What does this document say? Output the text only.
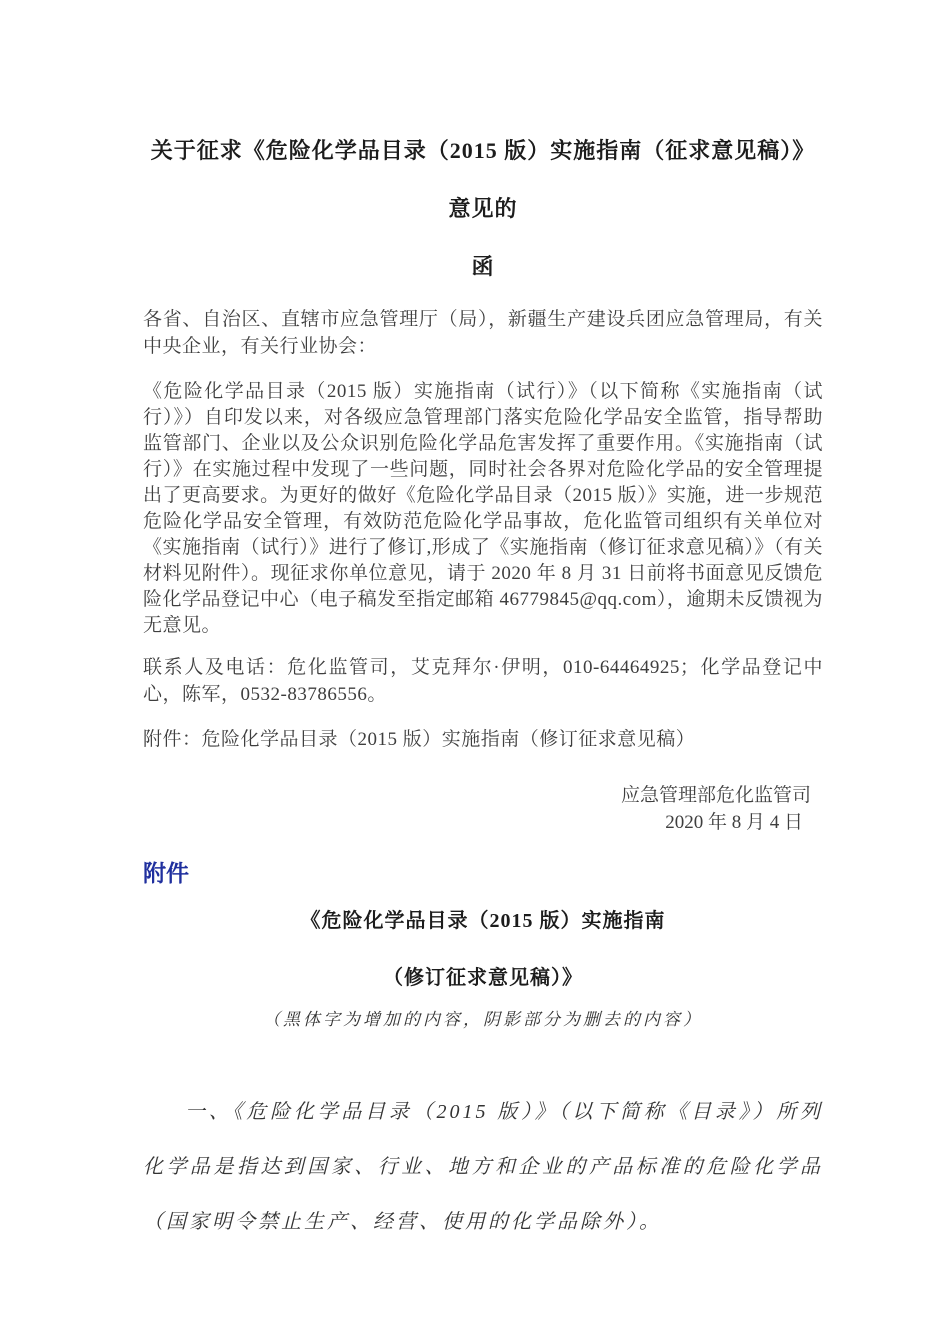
关于征求《危险化学品目录（2015 版）实施指南（征求意见稿）》意见的
函

各省、自治区、直辖市应急管理厅（局），新疆生产建设兵团应急管理局，有关中央企业，有关行业协会：

《危险化学品目录（2015 版）实施指南（试行）》（以下简称《实施指南（试行）》）自印发以来，对各级应急管理部门落实危险化学品安全监管，指导帮助监管部门、企业以及公众识别危险化学品危害发挥了重要作用。《实施指南（试行）》在实施过程中发现了一些问题，同时社会各界对危险化学品的安全管理提出了更高要求。为更好的做好《危险化学品目录（2015 版）》实施，进一步规范危险化学品安全管理，有效防范危险化学品事故，危化监管司组织有关单位对《实施指南（试行）》进行了修订,形成了《实施指南（修订征求意见稿）》（有关材料见附件）。现征求你单位意见，请于 2020 年 8 月 31 日前将书面意见反馈危险化学品登记中心（电子稿发至指定邮箱 46779845@qq.com），逾期未反馈视为无意见。

联系人及电话：危化监管司，艾克拜尔·伊明，010-64464925；化学品登记中心，陈军，0532-83786556。

附件：危险化学品目录（2015 版）实施指南（修订征求意见稿）

应急管理部危化监管司
2020 年 8 月 4 日
附件
《危险化学品目录（2015 版）实施指南
（修订征求意见稿）》
（黑体字为增加的内容，阴影部分为删去的内容）

一、《危险化学品目录（2015 版）》（以下简称《目录》）所列化学品是指达到国家、行业、地方和企业的产品标准的危险化学品（国家明令禁止生产、经营、使用的化学品除外）。
